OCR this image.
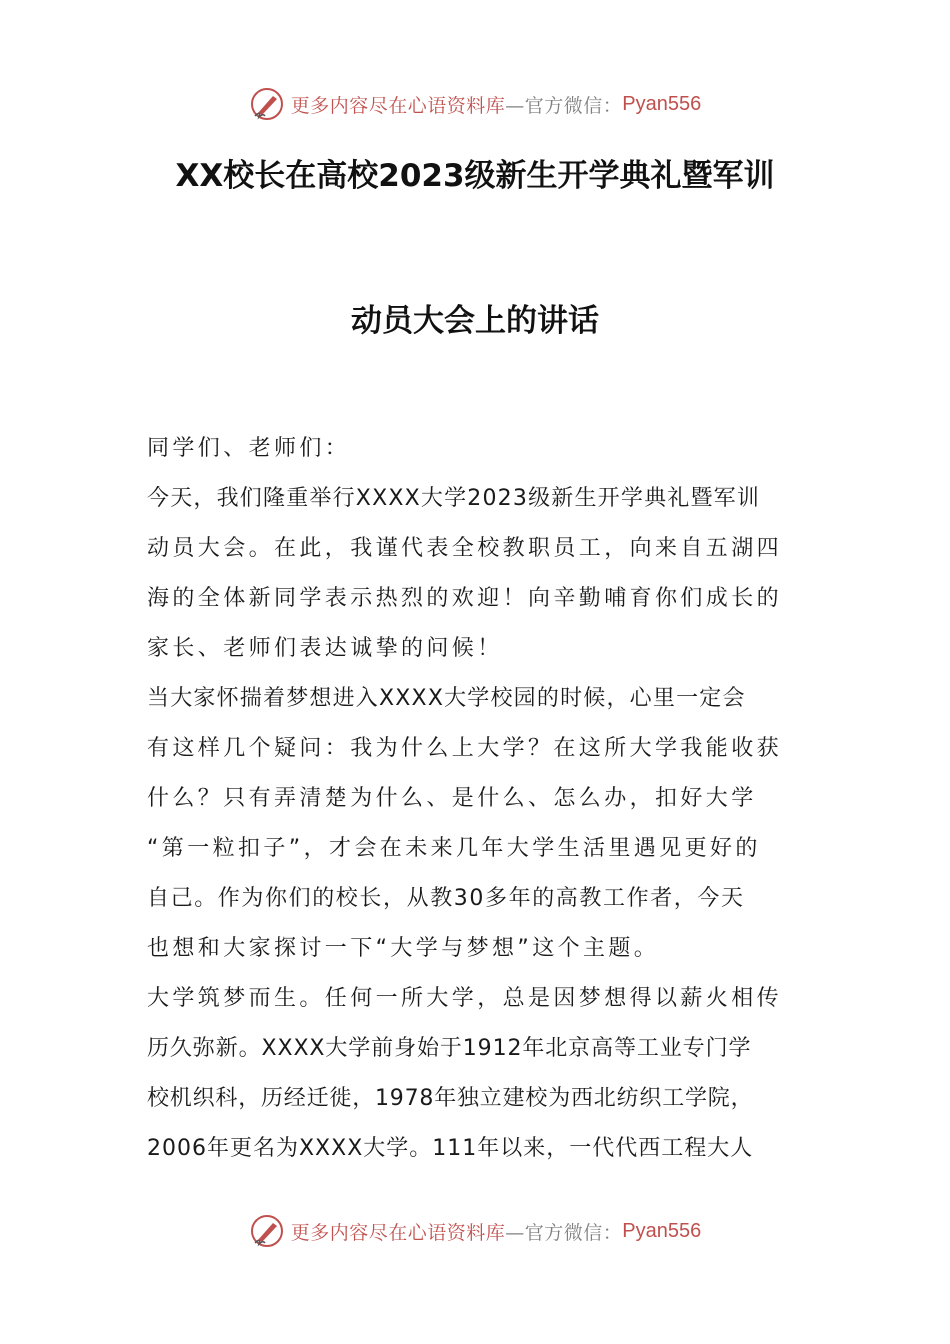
更多内容尽在心语资料库 —官方微信： Pyan556
XX校长在高校2023级新生开学典礼暨军训
动员大会上的讲话
同学们、老师们：
今天，我们隆重举行XXXX大学2023级新生开学典礼暨军训
动员大会。在此，我谨代表全校教职员工，向来自五湖四
海的全体新同学表示热烈的欢迎！向辛勤哺育你们成长的
家长、老师们表达诚挚的问候！
当大家怀揣着梦想进入XXXX大学校园的时候，心里一定会
有这样几个疑问：我为什么上大学？在这所大学我能收获
什么？只有弄清楚为什么、是什么、怎么办，扣好大学
“第一粒扣子”，才会在未来几年大学生活里遇见更好的
自己。作为你们的校长，从教30多年的高教工作者，今天
也想和大家探讨一下“大学与梦想”这个主题。
大学筑梦而生。任何一所大学，总是因梦想得以薪火相传
历久弥新。XXXX大学前身始于1912年北京高等工业专门学
校机织科，历经迁徙，1978年独立建校为西北纺织工学院，
2006年更名为XXXX大学。111年以来，一代代西工程大人
更多内容尽在心语资料库 —官方微信： Pyan556
